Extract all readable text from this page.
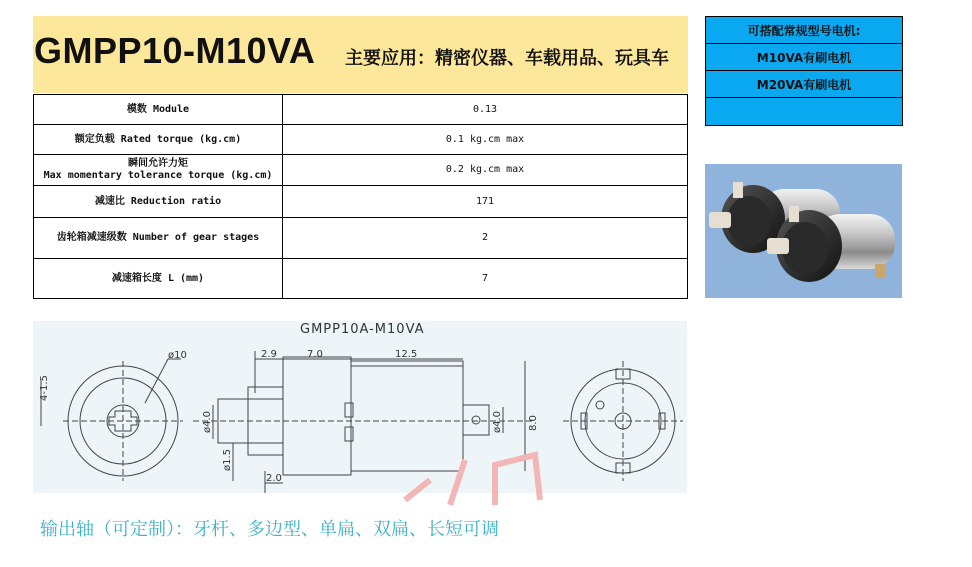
GMPP10-M10VA 主要应用：精密仪器、车载用品、玩具车
模数 Module	0.13
额定负载 Rated torque (kg.cm)	0.1 kg.cm max

瞬间允许力矩
Max momentary tolerance torque (kg.cm)	0.2 kg.cm max
减速比 Reduction ratio	171
齿轮箱减速级数 Number of gear stages	2
减速箱长度 L (mm)	7
可搭配常规型号电机:
M10VA有刷电机
M20VA有刷电机
ø10
4-1.5
2.9	7.0	12.5
ø4.0
ø1.5
2.0
ø4.0	8.0
GMPP10A-M10VA
输出轴（可定制）：牙杆、多边型、单扁、双扁、长短可调
